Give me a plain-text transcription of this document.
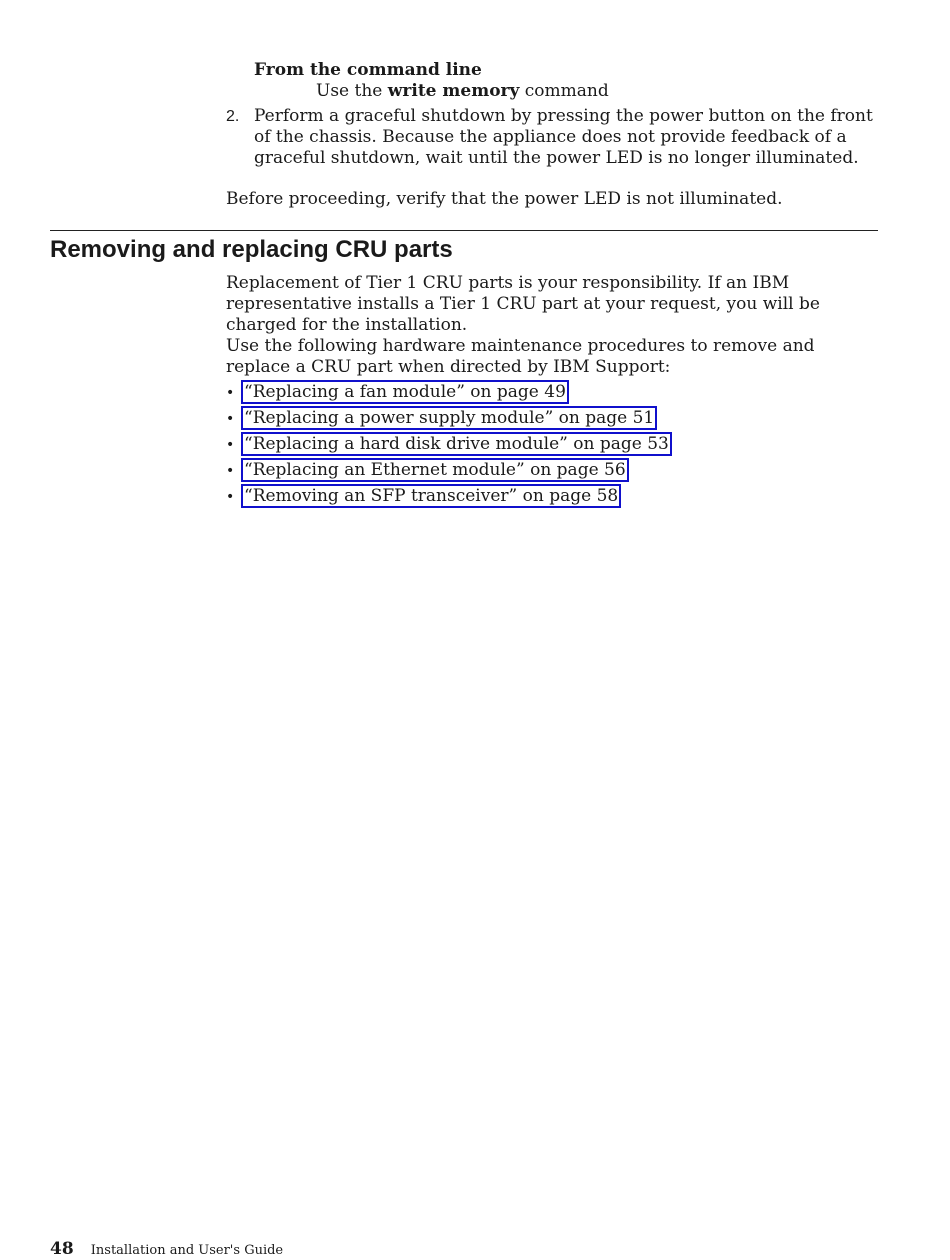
From the command line
Use the write memory command
2. Perform a graceful shutdown by pressing the power button on the front of the chassis. Because the appliance does not provide feedback of a graceful shutdown, wait until the power LED is no longer illuminated.
Before proceeding, verify that the power LED is not illuminated.
Removing and replacing CRU parts
Replacement of Tier 1 CRU parts is your responsibility. If an IBM representative installs a Tier 1 CRU part at your request, you will be charged for the installation.
Use the following hardware maintenance procedures to remove and replace a CRU part when directed by IBM Support:
• “Replacing a fan module” on page 49
• “Replacing a power supply module” on page 51
• “Replacing a hard disk drive module” on page 53
• “Replacing an Ethernet module” on page 56
• “Removing an SFP transceiver” on page 58
48 Installation and User's Guide
